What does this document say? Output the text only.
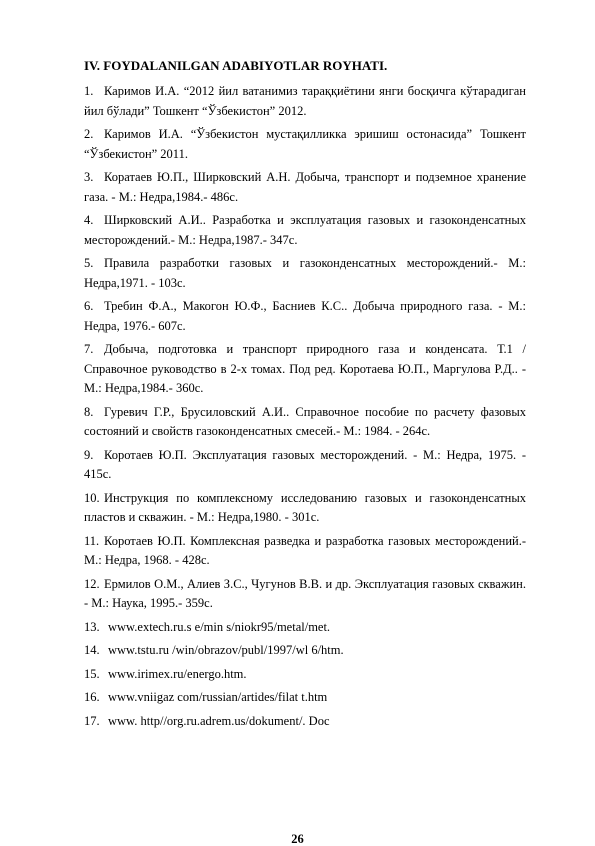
IV. FOYDALANILGAN ADABIYOTLAR ROYHATI.
1. Каримов И.А. “2012 йил ватанимиз тараққиётини янги босқичга кўтарадиган йил бўлади” Тошкент “Ўзбекистон” 2012.
2. Каримов И.А. “Ўзбекистон мустақилликка эришиш остонасида” Тошкент “Ўзбекистон” 2011.
3. Коратаев Ю.П., Ширковский А.Н. Добыча, транспорт и подземное хранение газа. - М.: Недра,1984.- 486с.
4. Ширковский А.И.. Разработка и эксплуатация газовых и газоконденсатных месторождений.- М.: Недра,1987.- 347с.
5. Правила разработки газовых и газоконденсатных месторождений.- М.: Недра,1971. - 103с.
6. Требин Ф.А., Макогон Ю.Ф., Басниев К.С.. Добыча природного газа. - М.: Недра, 1976.- 607с.
7. Добыча, подготовка и транспорт природного газа и конденсата. Т.1 / Справочное руководство в 2-х томах. Под ред. Коротаева Ю.П., Маргулова Р.Д.. - М.: Недра,1984.- 360с.
8. Гуревич Г.Р., Брусиловский А.И.. Справочное пособие по расчету фазовых состояний и свойств газоконденсатных смесей.- М.: 1984. - 264с.
9. Коротаев Ю.П. Эксплуатация газовых месторождений. - М.: Недра, 1975. - 415с.
10. Инструкция по комплексному исследованию газовых и газоконденсатных пластов и скважин. - М.: Недра,1980. - 301с.
11. Коротаев Ю.П. Комплексная разведка и разработка газовых месторождений.- М.: Недра, 1968. - 428с.
12. Ермилов О.М., Алиев З.С., Чугунов В.В. и др. Эксплуатация газовых скважин. - М.: Наука, 1995.- 359с.
13. www.extech.ru.s e/min s/niokr95/metal/met.
14. www.tstu.ru /win/obrazov/publ/1997/wl 6/htm.
15. www.irimex.ru/energo.htm.
16. www.vniigaz com/russian/artides/filat t.htm
17. www. http//org.ru.adrem.us/dokument/. Doc
26
